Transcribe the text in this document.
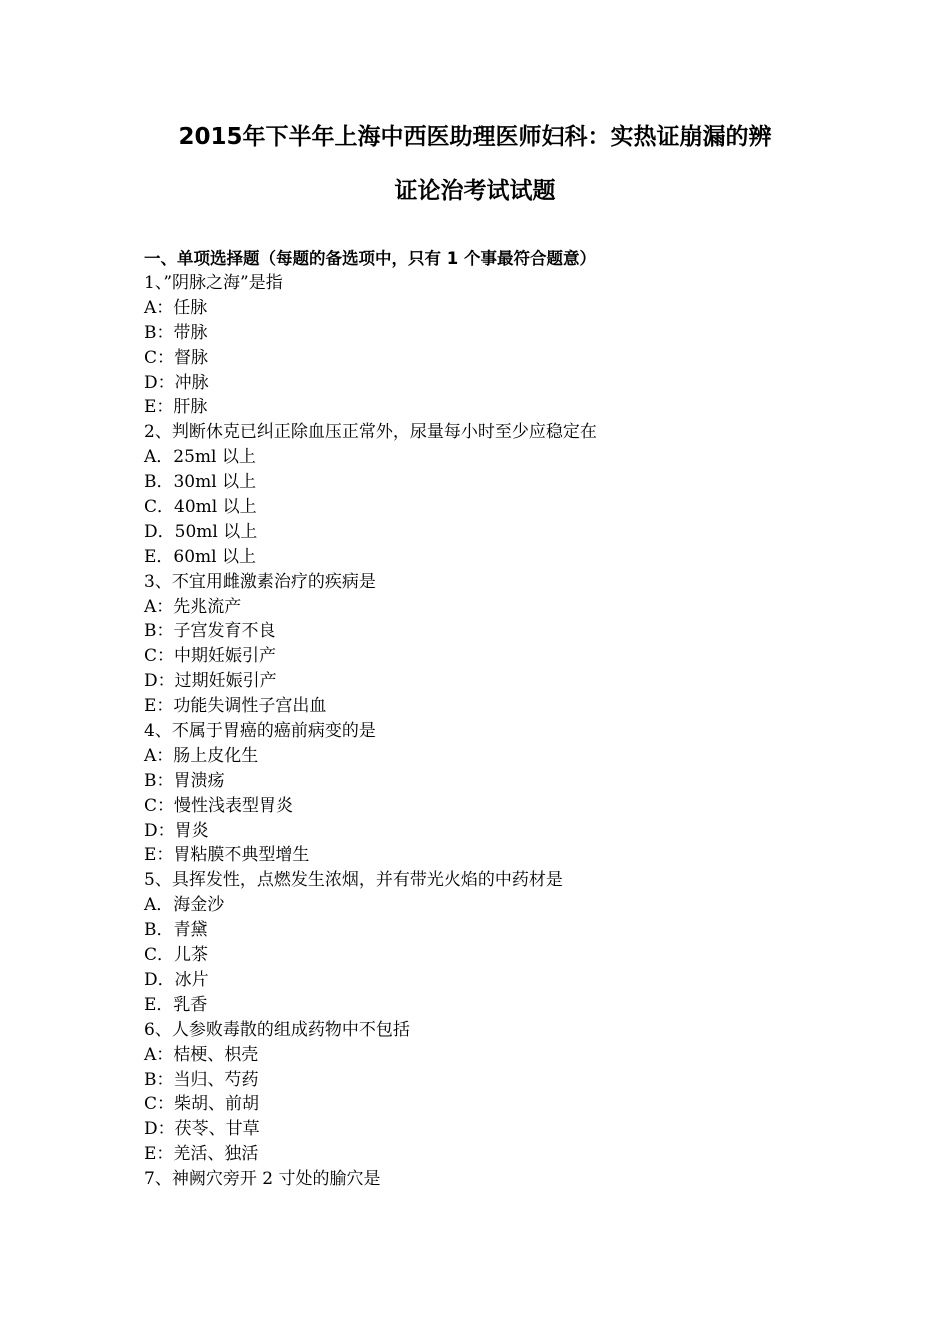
2015年下半年上海中西医助理医师妇科：实热证崩漏的辨
证论治考试试题
一、单项选择题（每题的备选项中，只有 1 个事最符合题意）
1、”阴脉之海”是指
A：任脉
B：带脉
C：督脉
D：冲脉
E：肝脉
2、判断休克已纠正除血压正常外，尿量每小时至少应稳定在
A．25ml 以上
B．30ml 以上
C．40ml 以上
D．50ml 以上
E．60ml 以上
3、不宜用雌激素治疗的疾病是
A：先兆流产
B：子宫发育不良
C：中期妊娠引产
D：过期妊娠引产
E：功能失调性子宫出血
4、不属于胃癌的癌前病变的是
A：肠上皮化生
B：胃溃疡
C：慢性浅表型胃炎
D：胃炎
E：胃粘膜不典型增生
5、具挥发性，点燃发生浓烟，并有带光火焰的中药材是
A．海金沙
B．青黛
C．儿茶
D．冰片
E．乳香
6、人参败毒散的组成药物中不包括
A：桔梗、枳壳
B：当归、芍药
C：柴胡、前胡
D：茯苓、甘草
E：羌活、独活
7、神阙穴旁开 2 寸处的腧穴是
